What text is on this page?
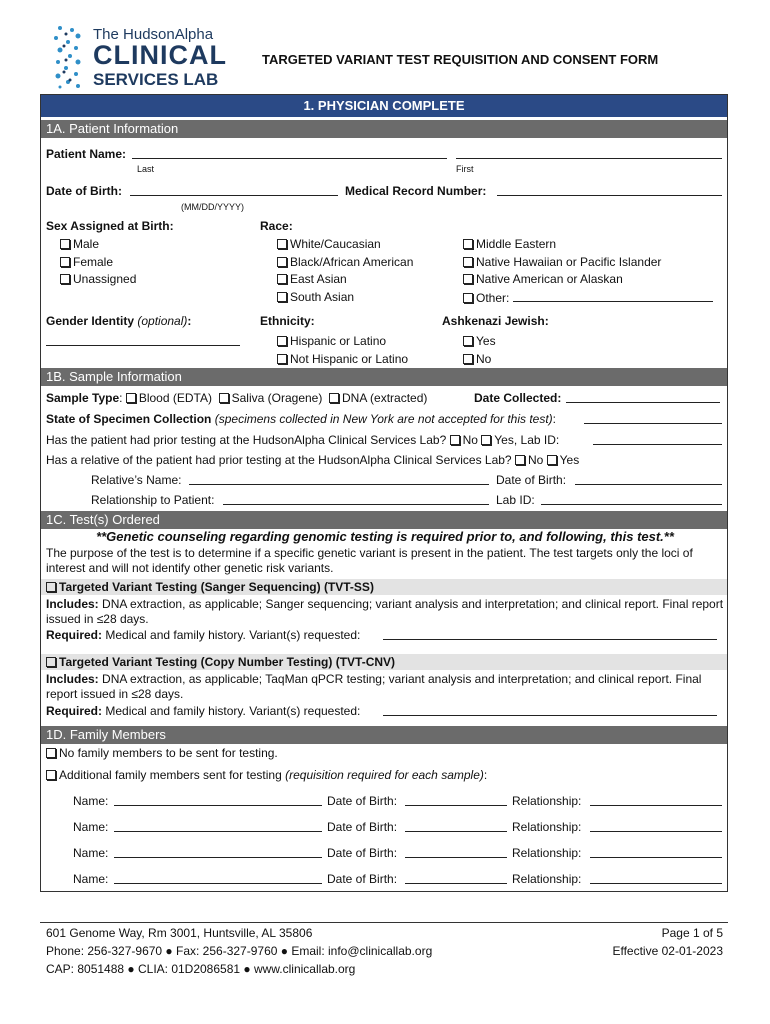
The HudsonAlpha
CLINICAL
SERVICES LAB
TARGETED VARIANT TEST REQUISITION AND CONSENT FORM
1. PHYSICIAN COMPLETE
1A. Patient Information
Patient Name:
Last	First
Date of Birth:	Medical Record Number:
(MM/DD/YYYY)
Sex Assigned at Birth:
Male
Female
Unassigned
Race:
White/Caucasian
Black/African American
East Asian
South Asian
Middle Eastern
Native Hawaiian or Pacific Islander
Native American or Alaskan
Other:
Gender Identity (optional):	Ethnicity:
Hispanic or Latino
Not Hispanic or Latino
Ashkenazi Jewish:
Yes
No
1B. Sample Information
Sample Type: Blood (EDTA) Saliva (Oragene) DNA (extracted)	Date Collected:
State of Specimen Collection (specimens collected in New York are not accepted for this test):
Has the patient had prior testing at the HudsonAlpha Clinical Services Lab? No Yes, Lab ID:
Has a relative of the patient had prior testing at the HudsonAlpha Clinical Services Lab? No Yes
Relative’s Name:	Date of Birth:
Relationship to Patient:	Lab ID:
1C. Test(s) Ordered
**Genetic counseling regarding genomic testing is required prior to, and following, this test.**
The purpose of the test is to determine if a specific genetic variant is present in the patient. The test targets only the loci of interest and will not identify other genetic risk variants.
Targeted Variant Testing (Sanger Sequencing) (TVT-SS)
Includes: DNA extraction, as applicable; Sanger sequencing; variant analysis and interpretation; and clinical report. Final report issued in ≤28 days.
Required: Medical and family history. Variant(s) requested:
Targeted Variant Testing (Copy Number Testing) (TVT-CNV)
Includes: DNA extraction, as applicable; TaqMan qPCR testing; variant analysis and interpretation; and clinical report. Final report issued in ≤28 days.
Required: Medical and family history. Variant(s) requested:
1D. Family Members
No family members to be sent for testing.
Additional family members sent for testing (requisition required for each sample):
Name:	Date of Birth:	Relationship:
Name:	Date of Birth:	Relationship:
Name:	Date of Birth:	Relationship:
Name:	Date of Birth:	Relationship:
601 Genome Way, Rm 3001, Huntsville, AL 35806
Phone: 256-327-9670 ● Fax: 256-327-9760 ● Email: info@clinicallab.org
CAP: 8051488 ● CLIA: 01D2086581 ● www.clinicallab.org
Page 1 of 5
Effective 02-01-2023
